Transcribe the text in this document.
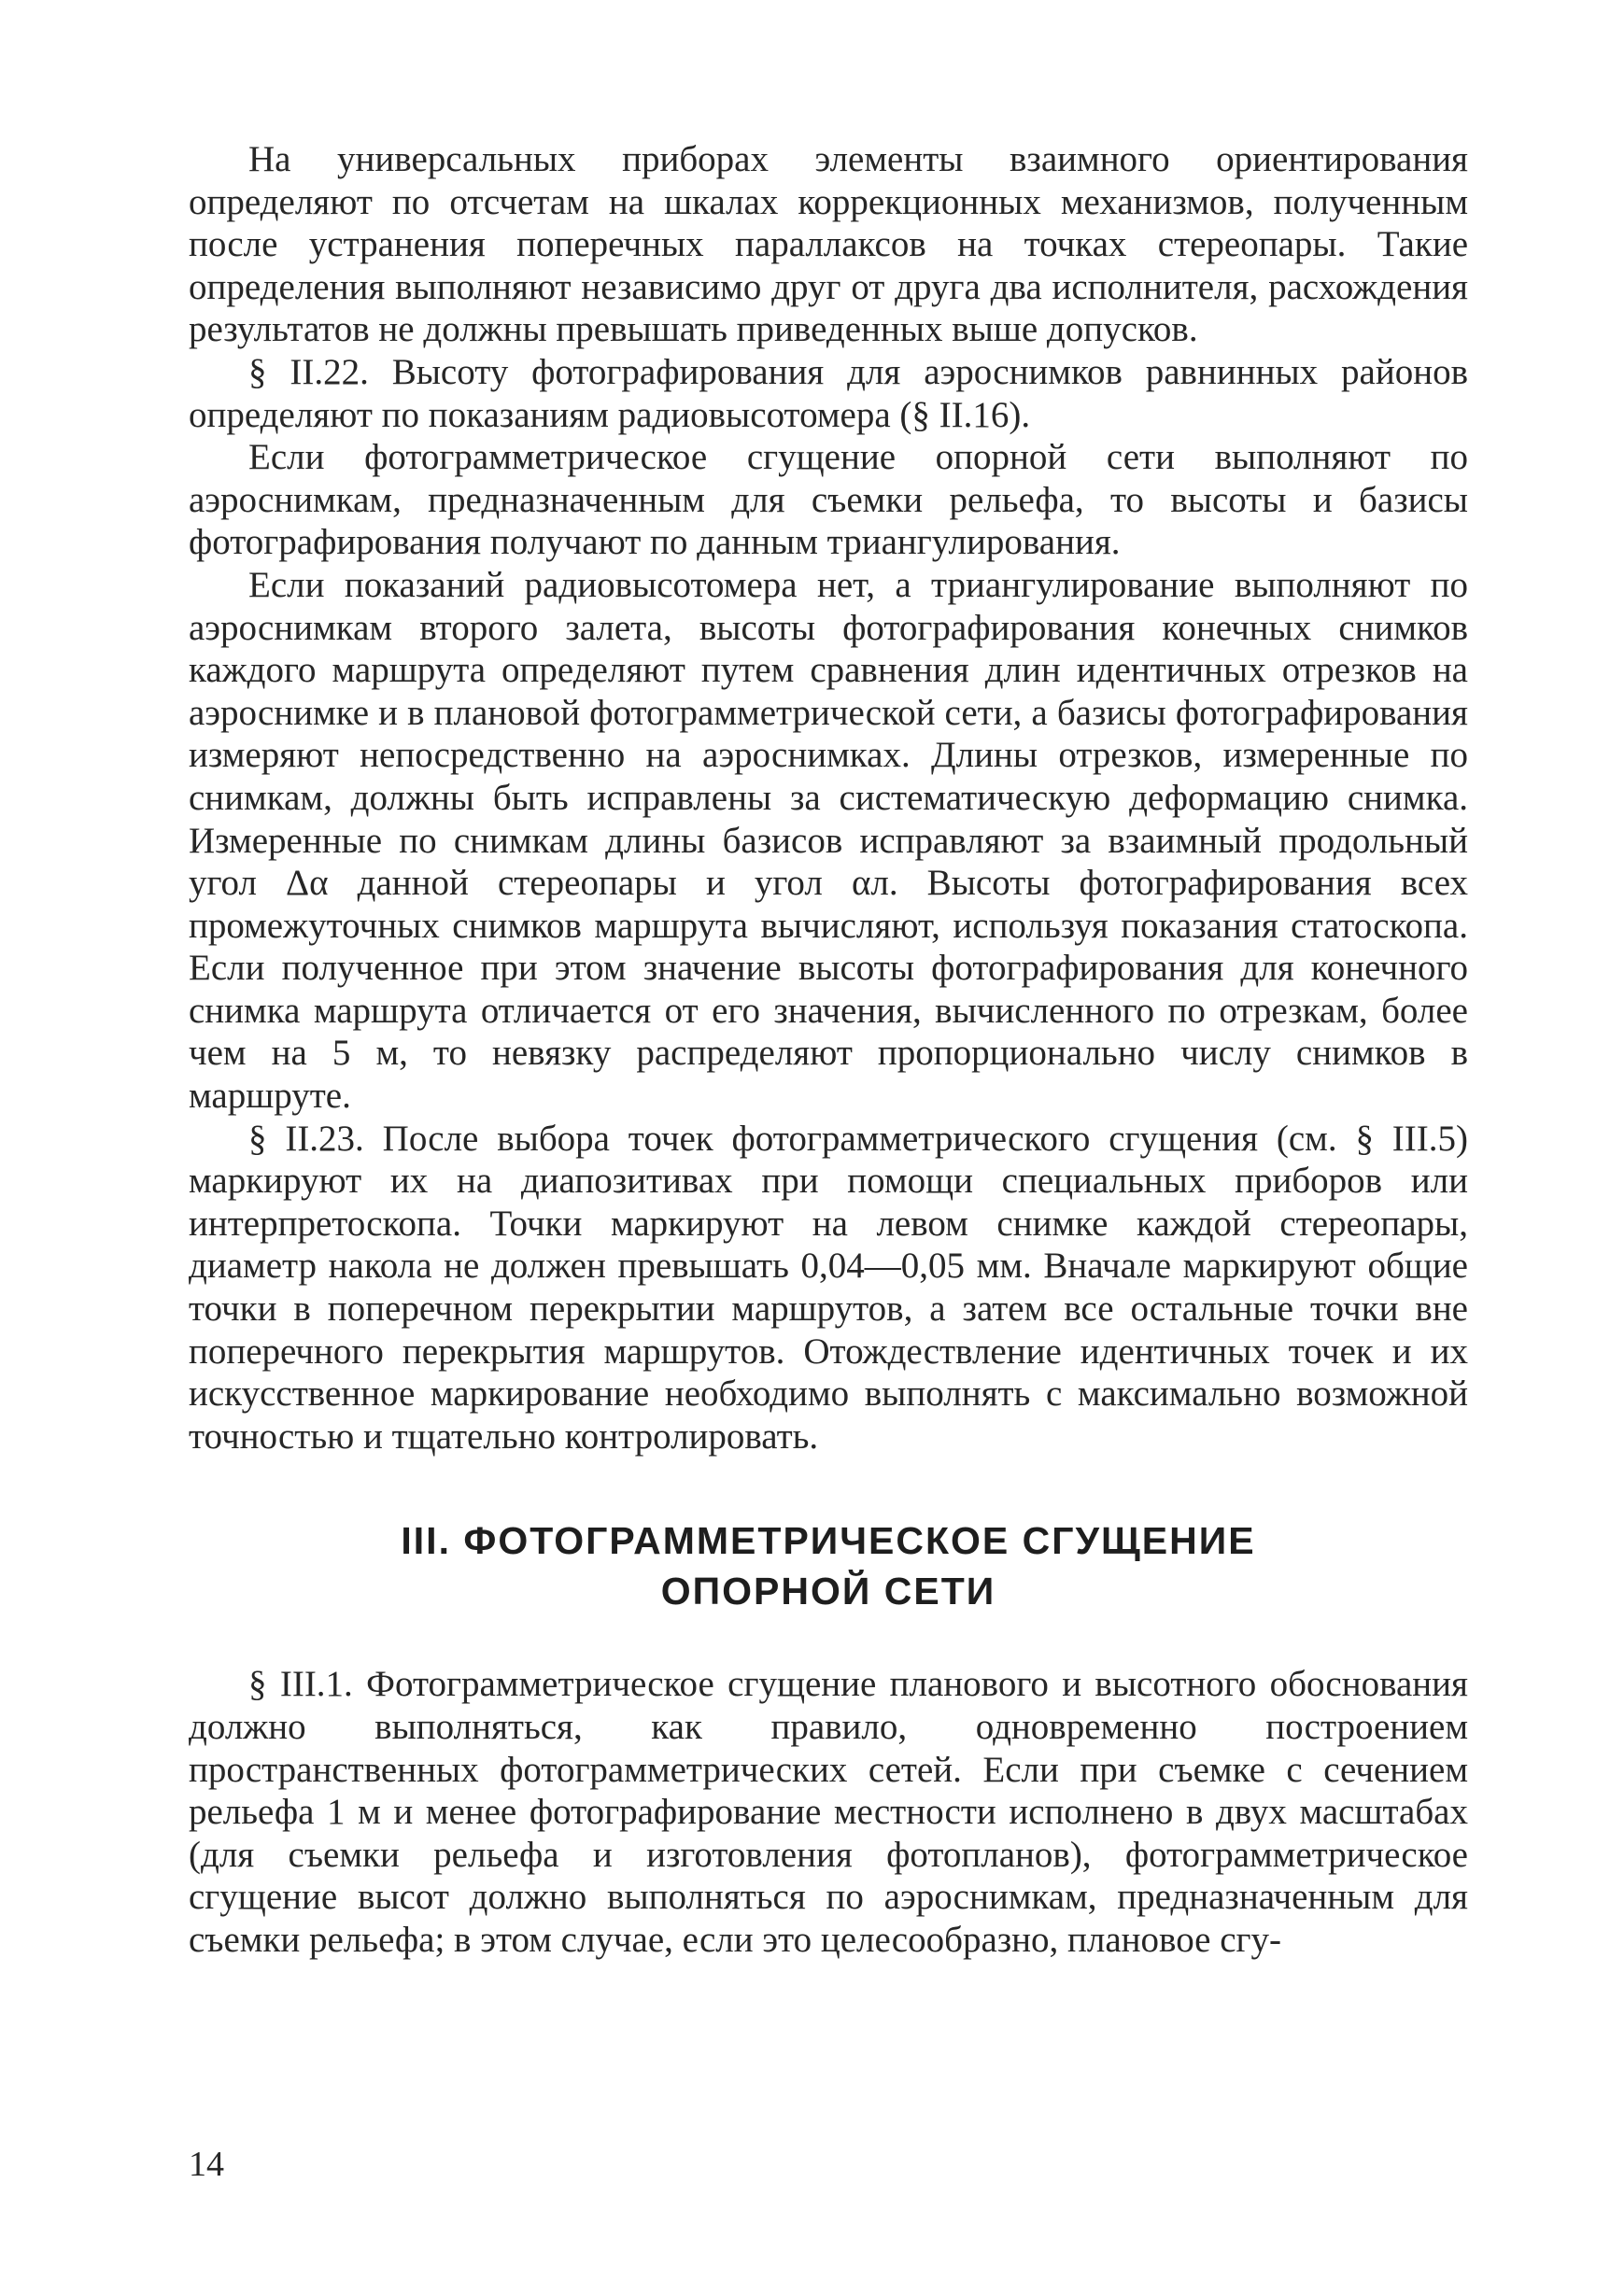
На универсальных приборах элементы взаимного ориентирования определяют по отсчетам на шкалах коррекционных механизмов, полученным после устранения поперечных параллаксов на точках стереопары. Такие определения выполняют независимо друг от друга два исполнителя, расхождения результатов не должны превышать приведенных выше допусков.

§ II.22. Высоту фотографирования для аэроснимков равнинных районов определяют по показаниям радиовысотомера (§ II.16).

Если фотограмметрическое сгущение опорной сети выполняют по аэроснимкам, предназначенным для съемки рельефа, то высоты и базисы фотографирования получают по данным триангулирования.

Если показаний радиовысотомера нет, а триангулирование выполняют по аэроснимкам второго залета, высоты фотографирования конечных снимков каждого маршрута определяют путем сравнения длин идентичных отрезков на аэроснимке и в плановой фотограмметрической сети, а базисы фотографирования измеряют непосредственно на аэроснимках. Длины отрезков, измеренные по снимкам, должны быть исправлены за систематическую деформацию снимка. Измеренные по снимкам длины базисов исправляют за взаимный продольный угол Δα данной стереопары и угол αл. Высоты фотографирования всех промежуточных снимков маршрута вычисляют, используя показания статоскопа. Если полученное при этом значение высоты фотографирования для конечного снимка маршрута отличается от его значения, вычисленного по отрезкам, более чем на 5 м, то невязку распределяют пропорционально числу снимков в маршруте.

§ II.23. После выбора точек фотограмметрического сгущения (см. § III.5) маркируют их на диапозитивах при помощи специальных приборов или интерпретоскопа. Точки маркируют на левом снимке каждой стереопары, диаметр накола не должен превышать 0,04—0,05 мм. Вначале маркируют общие точки в поперечном перекрытии маршрутов, а затем все остальные точки вне поперечного перекрытия маршрутов. Отождествление идентичных точек и их искусственное маркирование необходимо выполнять с максимально возможной точностью и тщательно контролировать.

III. ФОТОГРАММЕТРИЧЕСКОЕ СГУЩЕНИЕ
ОПОРНОЙ СЕТИ

§ III.1. Фотограмметрическое сгущение планового и высотного обоснования должно выполняться, как правило, одновременно построением пространственных фотограмметрических сетей. Если при съемке с сечением рельефа 1 м и менее фотографирование местности исполнено в двух масштабах (для съемки рельефа и изготовления фотопланов), фотограмметрическое сгущение высот должно выполняться по аэроснимкам, предназначенным для съемки рельефа; в этом случае, если это целесообразно, плановое сгу-

14
